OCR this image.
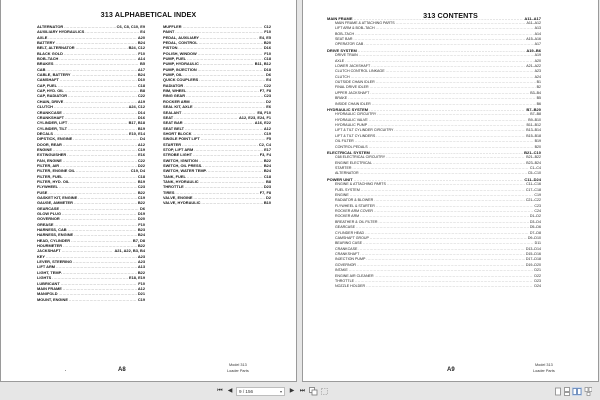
313 ALPHABETICAL INDEX
ALTERNATOR .....	C6, C8, C10, E9
AUXILIARY HYDRAULICS .....	E4
AXLE .....	A20
BATTERY .....	B24
BELT, ALTERNATOR .....	B24, C12
BLACK GOLD .....	F10
BOB–TACH .....	A14
BRAKES .....	B5
CAB .....	A17
CABLE, BATTERY .....	B24
CAMSHAFT .....	D10
CAP, FUEL .....	C18
CAP, HYD. OIL .....	B8
CAP, RADIATOR .....	C22
CHAIN, DRIVE .....	A19
CLUTCH .....	A24, C12
CRANKCASE .....	D14
CRANKSHAFT .....	D16
CYLINDER, LIFT .....	B17, B18
CYLINDER, TILT .....	B19
DECALS .....	E10, E14
DIPSTICK, ENGINE .....	D4
DOOR, REAR .....	A12
ENGINE .....	C19
EXTINGUISHER .....	E16
FAN, ENGINE .....	C22
FILTER, AIR .....	D22
FILTER, ENGINE OIL .....	C19, D4
FILTER, FUEL .....	C18
FILTER, HYD. OIL .....	B19
FLYWHEEL .....	C23
FUSE .....	B22
GASKET KIT, ENGINE .....	C19
GAUGE, AMMETER .....	B22
GEARCASE .....	D6
GLOW PLUG .....	D19
GOVERNOR .....	D20
GREASE .....	F10
HARNESS, CAB .....	B23
HARNESS, ENGINE .....	B24
HEAD, CYLINDER .....	B7, D8
HOURMETER .....	B22
JACKSHAFT .....	A21, A22, B3, B4
KEY .....	A23
LEVER, STEERING .....	A23
LIFT ARM .....	A13
LIGHT, TEMP. .....	B22
LIGHTS .....	E18, E19
LUBRICANT .....	F10
MAIN FRAME .....	A12
MANIFOLD .....	D21
MOUNT, ENGINE .....	C19
MUFFLER .....	C12
PAINT .....	F10
PEDAL, AUXILIARY .....	E4, E5
PEDAL, CONTROL .....	B20
PISTON .....	D16
POLISH, WINDOW .....	F10
PUMP, FUEL .....	C18
PUMP, HYDRAULIC .....	B11, B12
PUMP, INJECTION .....	D18
PUMP, OIL .....	D6
QUICK COUPLERS .....	E4
RADIATOR .....	C22
RIM, WHEEL .....	F7, F8
RING GEAR .....	C23
ROCKER ARM .....	D2
SEAL KIT, AXLE .....	E6
SEALANT .....	E8, F10
SEAT .....	A12, E23, E24, F1
SEAT BAR .....	A16, E22
SEAT BELT .....	A12
SHORT BLOCK .....	C19
SINGLE POINT LIFT .....	F5
STARTER .....	C2, C4
STOP, LIFT ARM .....	E17
STROBE LIGHT .....	F3, F4
SWITCH, IGNITION .....	B22
SWITCH, OIL PRESS. .....	B24
SWITCH, WATER TEMP. .....	B24
TANK, FUEL .....	C18
TANK, HYDRAULIC .....	B8
THROTTLE .....	D23
TIRES .....	F7, F8
VALVE, ENGINE .....	D2
VALVE, HYDRAULIC .....	B10
A8
Model 313
Loader Parts
313 CONTENTS
MAIN FRAME .....	A11–A17
MAIN FRAME & ATTACHING PARTS .....	A11–A12
LIFT ARM & BOB–TACH .....	A13
BOB–TACH .....	A14
SEAT BAR .....	A15–A16
OPERATOR CAB .....	A17
DRIVE SYSTEM .....	A19–B6
DRIVE TRAIN .....	A19
AXLE .....	A20
LOWER JACKSHAFT .....	A21–A22
CLUTCH CONTROL LINKAGE .....	A23
CLUTCH .....	A24
OUTSIDE CHAIN IDLER .....	B1
FINAL DRIVE IDLER .....	B2
UPPER JACKSHAFT .....	B3–B4
BRAKE .....	B5
INSIDE CHAIN IDLER .....	B6
HYDRAULIC SYSTEM .....	B7–B20
HYDRAULIC CIRCUITRY .....	B7–B8
HYDRAULIC VALVE .....	B9–B10
HYDRAULIC PUMP .....	B11–B12
LIFT & TILT CYLINDER CIRCUITRY .....	B13–B14
LIFT & TILT CYLINDERS .....	B15–B18
OIL FILTER .....	B19
CONTROL PEDALS .....	B20
ELECTRICAL SYSTEM .....	B21–C10
C68 ELECTRICAL CIRCUITRY .....	B21–B22
ENGINE ELECTRICAL .....	B23–B24
STARTER .....	C1–C4
ALTERNATOR .....	C5–C10
POWER UNIT .....	C11–D24
ENGINE & ATTACHING PARTS .....	C11–C16
FUEL SYSTEM .....	C17–C18
ENGINE .....	C19
RADIATOR & BLOWER .....	C21–C22
FLYWHEEL & STARTER .....	C23
ROCKER ARM COVER .....	C24
ROCKER ARM .....	D1–D2
BREATHER & OIL FILTER .....	D3–D4
GEARCASE .....	D5–D6
CYLINDER HEAD .....	D7–D8
CAMSHAFT GROUP .....	D9–D10
BEARING CASE .....	D11
CRANKCASE .....	D13–D14
CRANKSHAFT .....	D15–D16
INJECTION PUMP .....	D17–D18
GOVERNOR .....	D19–D20
INTAKE .....	D21
ENGINE AIR CLEANER .....	D22
THROTTLE .....	D23
NOZZLE HOLDER .....	D24
A9
Model 313
Loader Parts
⏮ ◀	9 / 156	▾ ▶ ⏭
